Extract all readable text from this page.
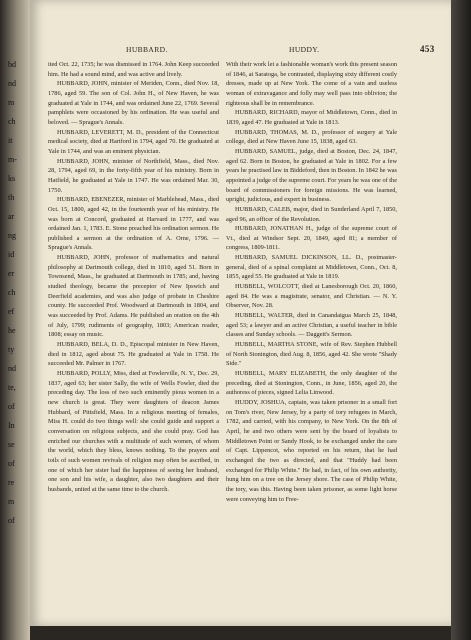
bd
nd
m
ch
it
m-
ks
th
ar
ng
id
er
ch
ef
he
ty
nd
te,
of
In
se
of
re
m
of
HUBBARD.	HUDDY.	453

ited Oct. 22, 1735; he was dismissed in 1764. John Keep succeeded him. He had a sound mind, and was active and lively.

HUBBARD, JOHN, minister of Meriden, Conn., died Nov. 18, 1786, aged 59. The son of Col. John H., of New Haven, he was graduated at Yale in 1744, and was ordained June 22, 1769. Several pamphlets were occasioned by his ordination. He was useful and beloved. — Sprague's Annals.

HUBBARD, LEVERETT, M. D., president of the Connecticut medical society, died at Hartford in 1794, aged 70. He graduated at Yale in 1744, and was an eminent physician.

HUBBARD, JOHN, minister of Northfield, Mass., died Nov. 28, 1794, aged 69, in the forty-fifth year of his ministry. Born in Hatfield, he graduated at Yale in 1747. He was ordained Mar. 30, 1750.

HUBBARD, EBENEZER, minister of Marblehead, Mass., died Oct. 15, 1800, aged 42, in the fourteenth year of his ministry. He was born at Concord, graduated at Harvard in 1777, and was ordained Jan. 1, 1783. E. Stone preached his ordination sermon. He published a sermon at the ordination of A. Orne, 1796. — Sprague's Annals.

HUBBARD, JOHN, professor of mathematics and natural philosophy at Dartmouth college, died in 1810, aged 51. Born in Townsend, Mass., he graduated at Dartmouth in 1785; and, having studied theology, became the preceptor of New Ipswich and Deerfield academies, and was also judge of probate in Cheshire county. He succeeded Prof. Woodward at Dartmouth in 1804, and was succeeded by Prof. Adams. He published an oration on the 4th of July, 1799; rudiments of geography, 1803; American reader, 1808; essay on music.

HUBBARD, BELA, D. D., Episcopal minister in New Haven, died in 1812, aged about 75. He graduated at Yale in 1758. He succeeded Mr. Palmer in 1767.

HUBBARD, POLLY, Miss, died at Fowlerville, N. Y., Dec. 29, 1837, aged 63; her sister Sally, the wife of Wells Fowler, died the preceding day. The loss of two such eminently pious women in a new church is great. They were daughters of deacon James Hubbard, of Pittsfield, Mass. In a religious meeting of females, Miss H. could do two things well: she could guide and support a conversation on religious subjects, and she could pray. God has enriched our churches with a multitude of such women, of whom the world, which they bless, knows nothing. To the prayers and toils of such women revivals of religion may often be ascribed, in one of which her sister had the happiness of seeing her husband, one son and his wife, a daughter, also two daughters and their husbands, united at the same time to the church.

With their work let a fashionable woman's work this present season of 1846, at Saratoga, be contrasted, displaying sixty different costly dresses, made up at New York. The come of a vain and useless woman of extravagance and folly may well pass into oblivion; the righteous shall be in remembrance.

HUBBARD, RICHARD, mayor of Middletown, Conn., died in 1839, aged 47. He graduated at Yale in 1813.

HUBBARD, THOMAS, M. D., professor of surgery at Yale college, died at New Haven June 15, 1838, aged 63.

HUBBARD, SAMUEL, judge, died at Boston, Dec. 24, 1847, aged 62. Born in Boston, he graduated at Yale in 1802. For a few years he practised law in Biddeford, then in Boston. In 1842 he was appointed a judge of the supreme court. For years he was one of the board of commissioners for foreign missions. He was learned, upright, judicious, and expert in business.

HUBBARD, CALEB, major, died in Sunderland April 7, 1850, aged 96, an officer of the Revolution.

HUBBARD, JONATHAN H., judge of the supreme court of Vt., died at Windsor Sept. 20, 1849, aged 81; a member of congress, 1809-1811.

HUBBARD, SAMUEL DICKINSON, LL. D., postmaster-general, died of a spinal complaint at Middletown, Conn., Oct. 8, 1855, aged 55. He graduated at Yale in 1819.

HUBBELL, WOLCOTT, died at Lanesborough Oct. 20, 1860, aged 84. He was a magistrate, senator, and Christian. — N. Y. Observer, Nov. 28.

HUBBELL, WALTER, died in Canandaigua March 25, 1848, aged 53; a lawyer and an active Christian, a useful teacher in bible classes and Sunday schools. — Daggett's Sermon.

HUBBELL, MARTHA STONE, wife of Rev. Stephen Hubbell of North Stonington, died Aug. 8, 1856, aged 42. She wrote "Shady Side."

HUBBELL, MARY ELIZABETH, the only daughter of the preceding, died at Stonington, Conn., in June, 1856, aged 20, the authoress of pieces, signed Lelia Linwood.

HUDDY, JOSHUA, captain, was taken prisoner in a small fort on Tom's river, New Jersey, by a party of tory refugees in March, 1782, and carried, with his company, to New York. On the 8th of April, he and two others were sent by the board of loyalists to Middletown Point or Sandy Hook, to be exchanged under the care of Capt. Lippencot, who reported on his return, that he had exchanged the two as directed, and that "Huddy had been exchanged for Philip White." He had, in fact, of his own authority, hung him on a tree on the Jersey shore. The case of Philip White, the tory, was this. Having been taken prisoner, as some light horse were conveying him to Free-
